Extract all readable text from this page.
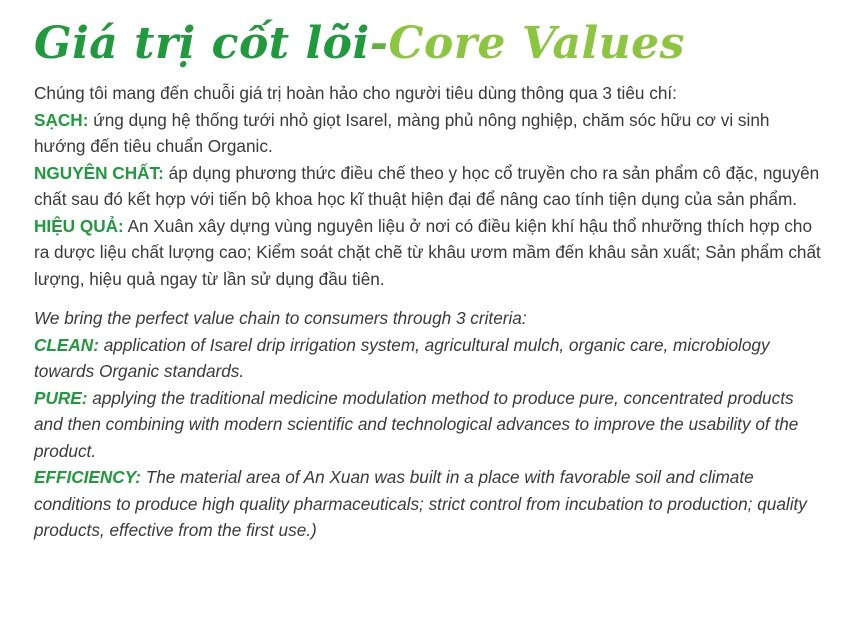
Giá trị cốt lõi - Core Values

Chúng tôi mang đến chuỗi giá trị hoàn hảo cho người tiêu dùng thông qua 3 tiêu chí:

SẠCH: ứng dụng hệ thống tưới nhỏ giọt Isarel, màng phủ nông nghiệp, chăm sóc hữu cơ vi sinh hướng đến tiêu chuẩn Organic.

NGUYÊN CHẤT: áp dụng phương thức điều chế theo y học cổ truyền cho ra sản phẩm cô đặc, nguyên chất sau đó kết hợp với tiến bộ khoa học kĩ thuật hiện đại để nâng cao tính tiện dụng của sản phẩm.

HIỆU QUẢ: An Xuân xây dựng vùng nguyên liệu ở nơi có điều kiện khí hậu thổ nhưỡng thích hợp cho ra dược liệu chất lượng cao; Kiểm soát chặt chẽ từ khâu ươm mầm đến khâu sản xuất; Sản phẩm chất lượng, hiệu quả ngay từ lần sử dụng đầu tiên.

We bring the perfect value chain to consumers through 3 criteria:

CLEAN: application of Isarel drip irrigation system, agricultural mulch, organic care, microbiology towards Organic standards.

PURE: applying the traditional medicine modulation method to produce pure, concentrated products and then combining with modern scientific and technological advances to improve the usability of the product.

EFFICIENCY: The material area of An Xuan was built in a place with favorable soil and climate conditions to produce high quality pharmaceuticals; strict control from incubation to production; quality products, effective from the first use.)
